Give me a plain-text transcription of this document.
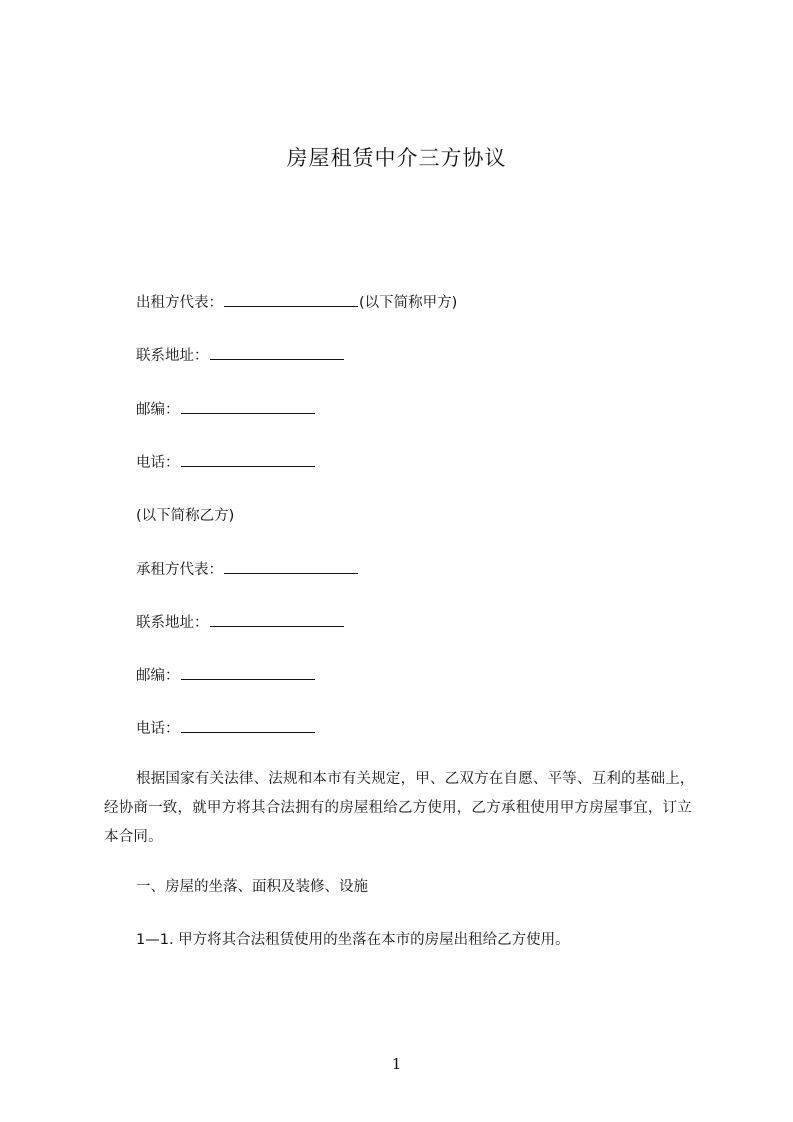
房屋租赁中介三方协议
出租方代表：	(以下简称甲方)
联系地址：
邮编：
电话：
(以下简称乙方)
承租方代表：
联系地址：
邮编：
电话：
根据国家有关法律、法规和本市有关规定，甲、乙双方在自愿、平等、互利的基础上，经协商一致，就甲方将其合法拥有的房屋租给乙方使用，乙方承租使用甲方房屋事宜，订立本合同。
一、房屋的坐落、面积及装修、设施
1—1. 甲方将其合法租赁使用的坐落在本市的房屋出租给乙方使用。
1
